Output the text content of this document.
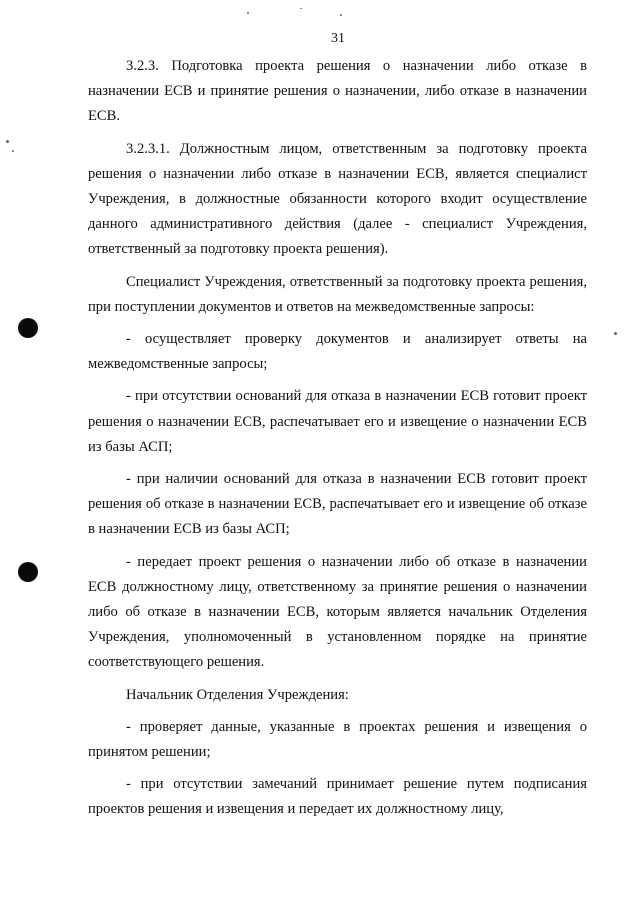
31

3.2.3. Подготовка проекта решения о назначении либо отказе в назначении ЕСВ и принятие решения о назначении, либо отказе в назначении ЕСВ.

3.2.3.1. Должностным лицом, ответственным за подготовку проекта решения о назначении либо отказе в назначении ЕСВ, является специалист Учреждения, в должностные обязанности которого входит осуществление данного административного действия (далее - специалист Учреждения, ответственный за подготовку проекта решения).

Специалист Учреждения, ответственный за подготовку проекта решения, при поступлении документов и ответов на межведомственные запросы:

- осуществляет проверку документов и анализирует ответы на межведомственные запросы;

- при отсутствии оснований для отказа в назначении ЕСВ готовит проект решения о назначении ЕСВ, распечатывает его и извещение о назначении ЕСВ из базы АСП;

- при наличии оснований для отказа в назначении ЕСВ готовит проект решения об отказе в назначении ЕСВ, распечатывает его и извещение об отказе в назначении ЕСВ из базы АСП;

- передает проект решения о назначении либо об отказе в назначении ЕСВ должностному лицу, ответственному за принятие решения о назначении либо об отказе в назначении ЕСВ, которым является начальник Отделения Учреждения, уполномоченный в установленном порядке на принятие соответствующего решения.

Начальник Отделения Учреждения:

- проверяет данные, указанные в проектах решения и извещения о принятом решении;

- при отсутствии замечаний принимает решение путем подписания проектов решения и извещения и передает их должностному лицу,
